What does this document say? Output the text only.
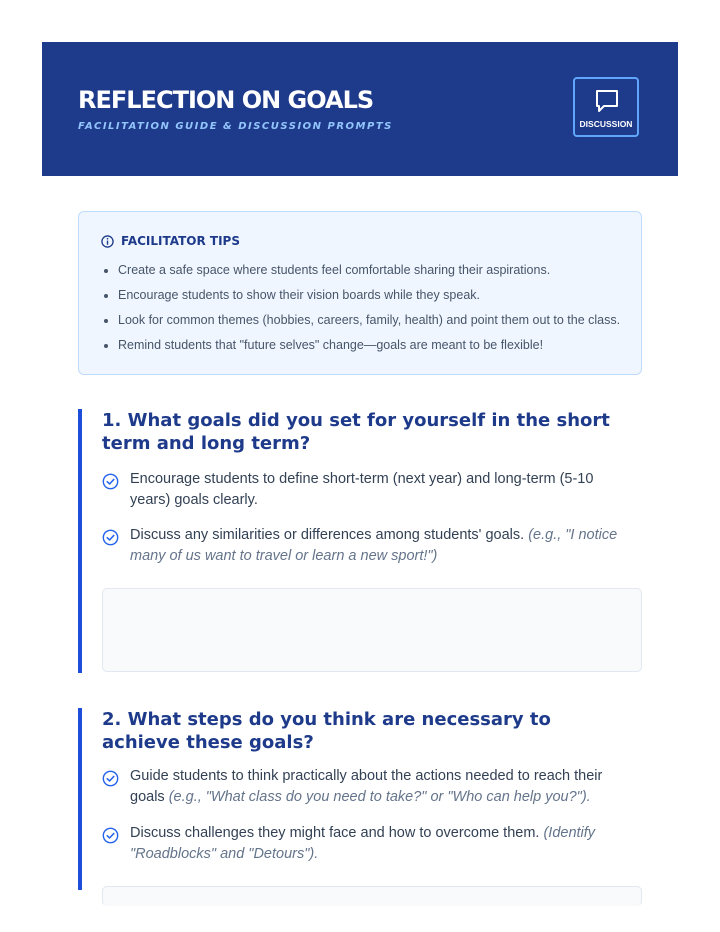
REFLECTION ON GOALS
FACILITATION GUIDE & DISCUSSION PROMPTS	DISCUSSION
FACILITATOR TIPS
• Create a safe space where students feel comfortable sharing their aspirations.
• Encourage students to show their vision boards while they speak.
• Look for common themes (hobbies, careers, family, health) and point them out to the class.
• Remind students that "future selves" change—goals are meant to be flexible!
1. What goals did you set for yourself in the short term and long term?
Encourage students to define short-term (next year) and long-term (5-10 years) goals clearly.
Discuss any similarities or differences among students' goals. (e.g., "I notice many of us want to travel or learn a new sport!")
2. What steps do you think are necessary to achieve these goals?
Guide students to think practically about the actions needed to reach their goals (e.g., "What class do you need to take?" or "Who can help you?").
Discuss challenges they might face and how to overcome them. (Identify "Roadblocks" and "Detours").
